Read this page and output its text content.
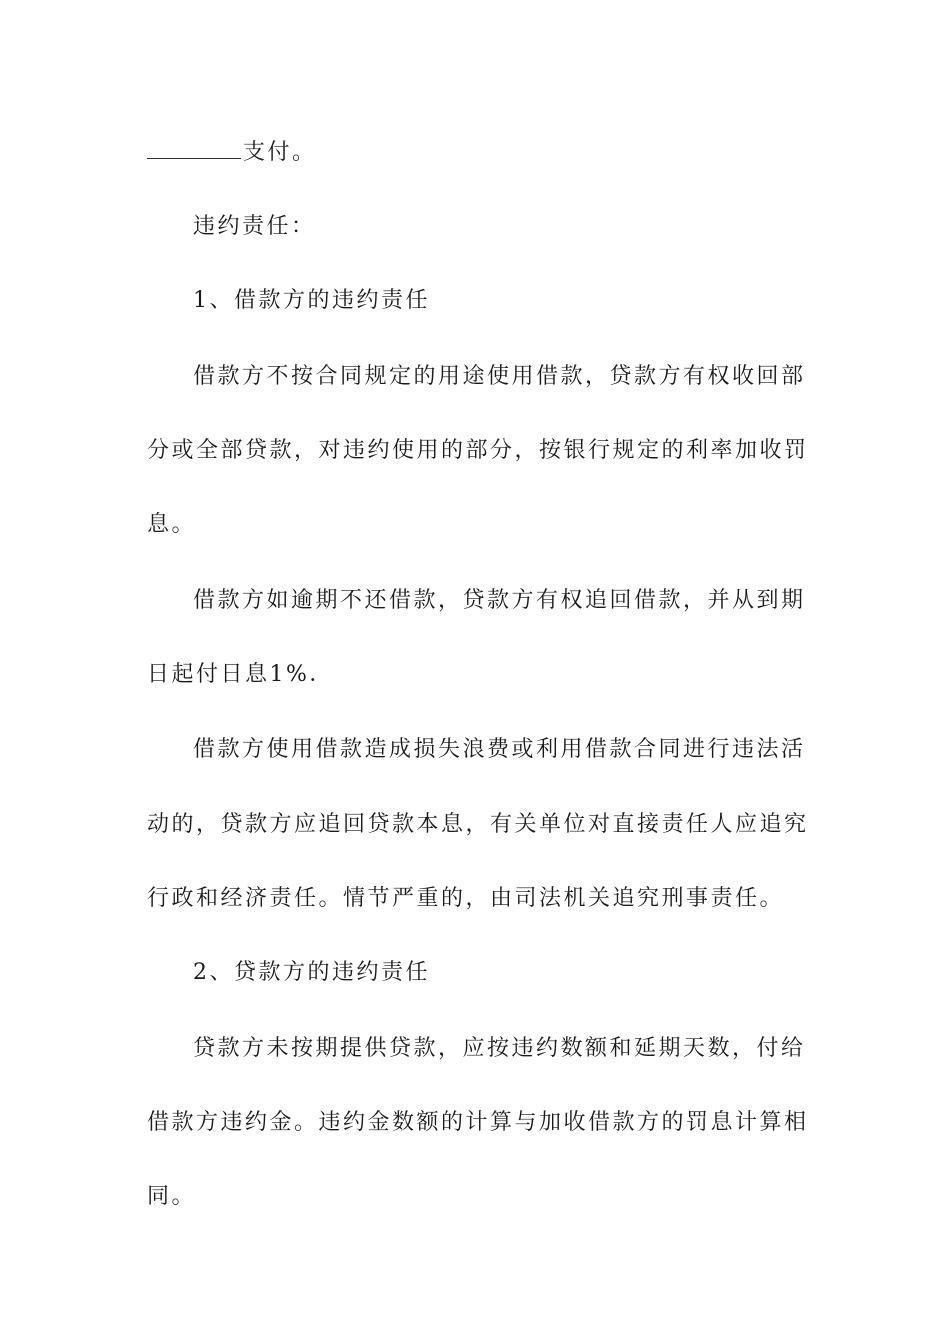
支付。
违约责任：
1、借款方的违约责任
借款方不按合同规定的用途使用借款，贷款方有权收回部
分或全部贷款，对违约使用的部分，按银行规定的利率加收罚
息。
借款方如逾期不还借款，贷款方有权追回借款，并从到期
日起付日息1%．
借款方使用借款造成损失浪费或利用借款合同进行违法活
动的，贷款方应追回贷款本息，有关单位对直接责任人应追究
行政和经济责任。情节严重的，由司法机关追究刑事责任。
2、贷款方的违约责任
贷款方未按期提供贷款，应按违约数额和延期天数，付给
借款方违约金。违约金数额的计算与加收借款方的罚息计算相
同。
